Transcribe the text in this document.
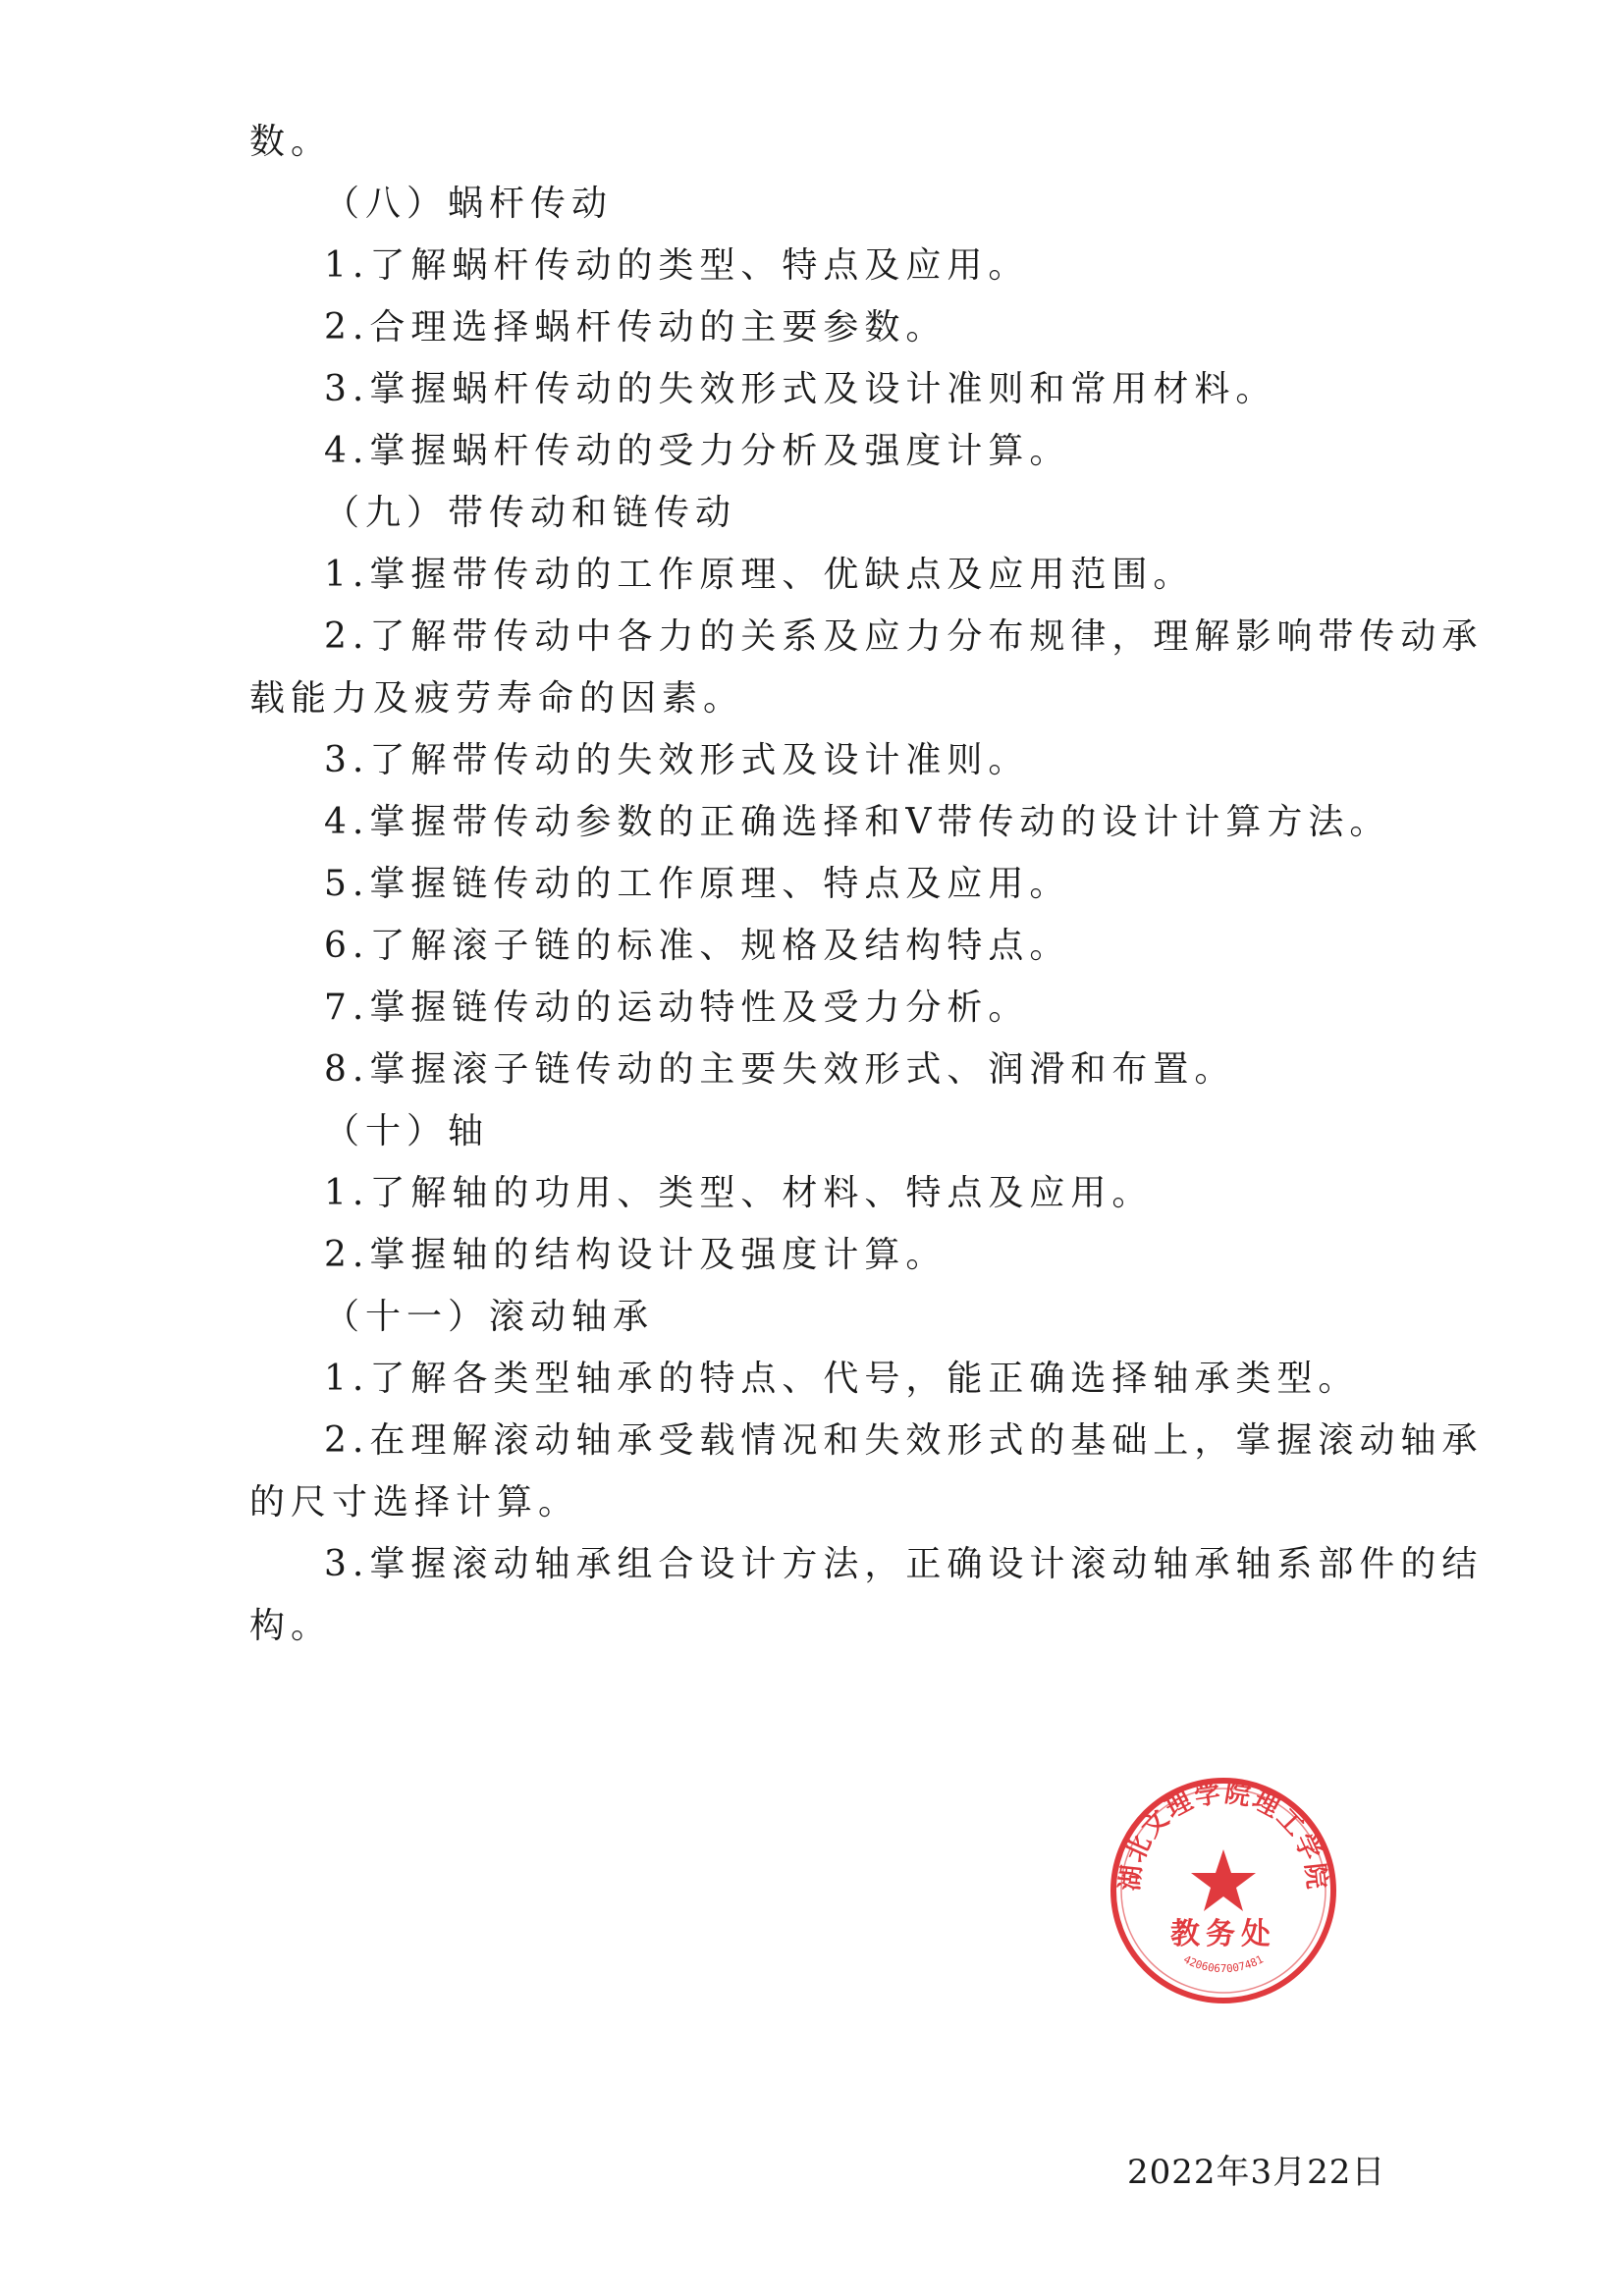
数。
（八）蜗杆传动
1.了解蜗杆传动的类型、特点及应用。
2.合理选择蜗杆传动的主要参数。
3.掌握蜗杆传动的失效形式及设计准则和常用材料。
4.掌握蜗杆传动的受力分析及强度计算。
（九）带传动和链传动
1.掌握带传动的工作原理、优缺点及应用范围。
2.了解带传动中各力的关系及应力分布规律，理解影响带传动承
载能力及疲劳寿命的因素。
3.了解带传动的失效形式及设计准则。
4.掌握带传动参数的正确选择和V带传动的设计计算方法。
5.掌握链传动的工作原理、特点及应用。
6.了解滚子链的标准、规格及结构特点。
7.掌握链传动的运动特性及受力分析。
8.掌握滚子链传动的主要失效形式、润滑和布置。
（十）轴
1.了解轴的功用、类型、材料、特点及应用。
2.掌握轴的结构设计及强度计算。
（十一）滚动轴承
1.了解各类型轴承的特点、代号，能正确选择轴承类型。
2.在理解滚动轴承受载情况和失效形式的基础上，掌握滚动轴承
的尺寸选择计算。
3.掌握滚动轴承组合设计方法，正确设计滚动轴承轴系部件的结
构。
湖北文理学院理工学院
教务处
4206067007481
2022年3月22日
